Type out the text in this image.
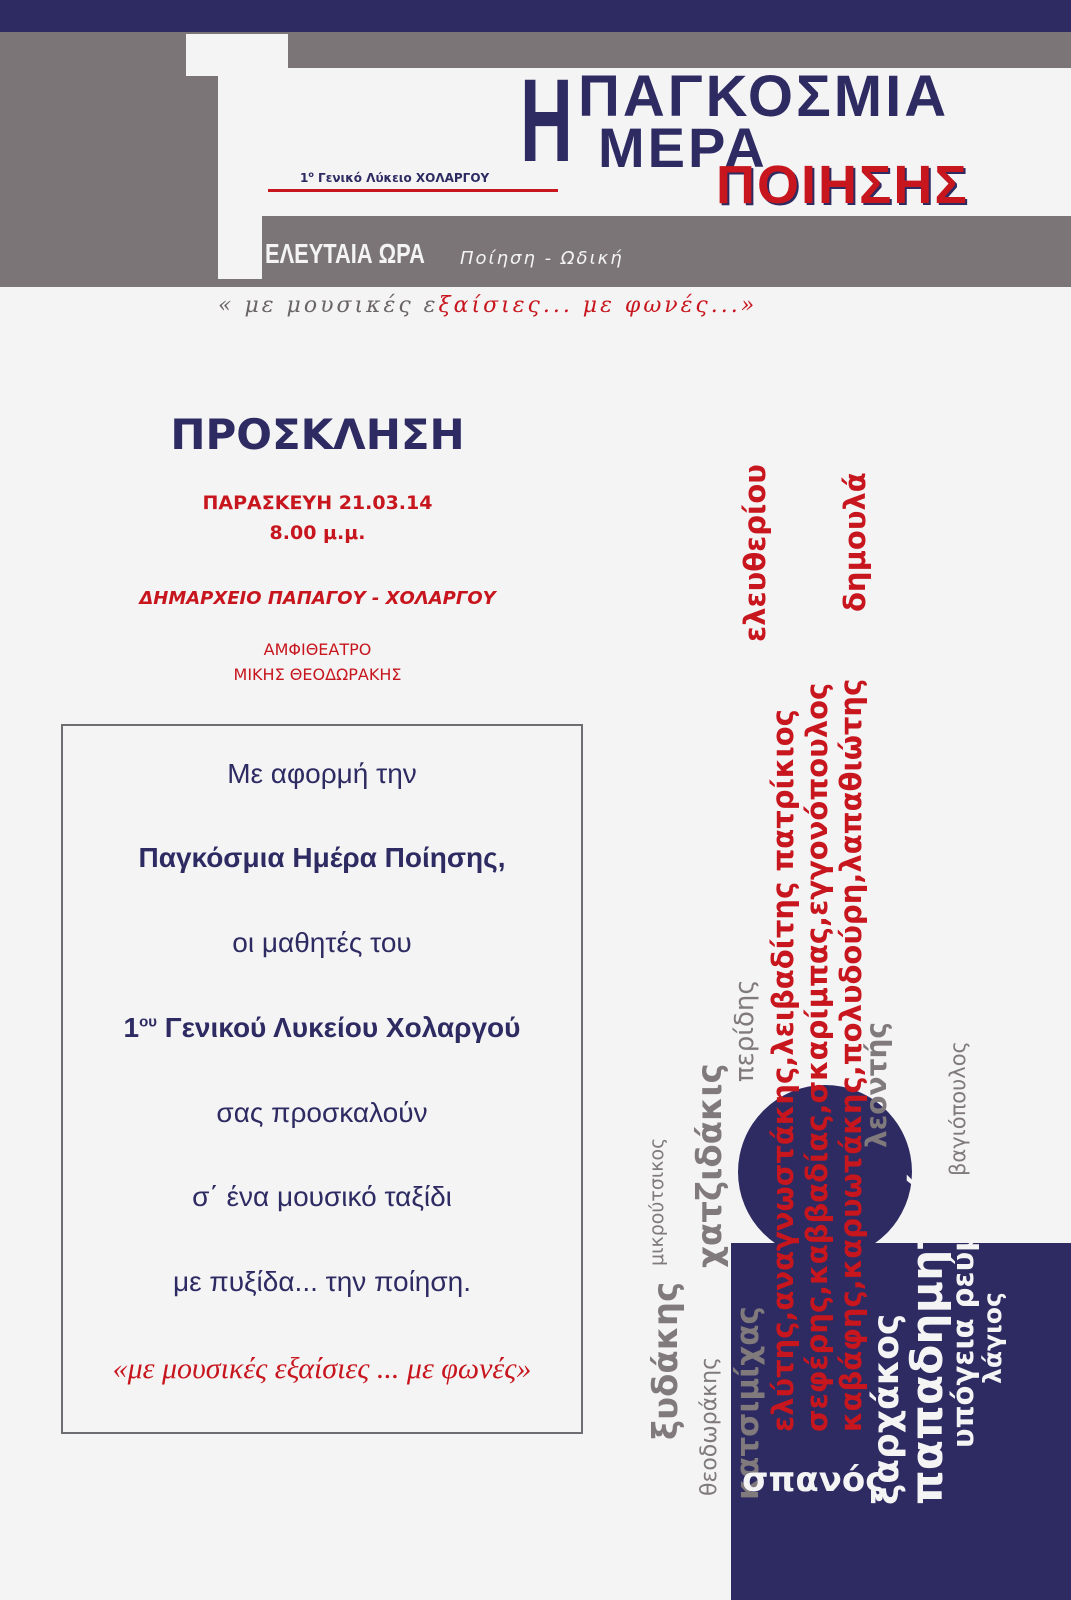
$1^o$ Γενικό Λύκειο ΧΟΛΑΡΓΟΥ Η ΠΑΓΚΟΣΜΙΑ
ΜΕΡΑ
ΠΟΙΗΣΗΣ
ΕΛΕΥΤΑΙΑ ΩΡΑ Ποίηση - Ωδική
« με μουσικές εξαίσιες... με φωνές...»
ΠΡΟΣΚΛΗΣΗ
ΠΑΡΑΣΚΕΥΗ 21.03.14
8.00 μ.μ.
ΔΗΜΑΡΧΕΙΟ ΠΑΠΑΓΟΥ - ΧΟΛΑΡΓΟΥ
ΑΜΦΙΘΕΑΤΡΟ
ΜΙΚΗΣ ΘΕΟΔΩΡΑΚΗΣ
Με αφορμή την
Παγκόσμια Ημέρα Ποίησης,
οι μαθητές του
$1^{o\upsilon}$ Γενικού Λυκείου Χολαργού
σας προσκαλούν
σ΄ ένα μουσικό ταξίδι
με πυξίδα... την ποίηση.
«με μουσικές εξαίσιες ... με φωνές»
ελευθερίου
ελύτης,αναγνωστάκης,λειβαδίτης πατρίκιος σεφέρης,καββαδίας,σκαρίμπας,εγγονόπουλος καβάφης,καρυωτάκης,πολυδούρη,λαπαθιώτης
δημουλά
ξυδάκης
μικρούτσικος
θεοδωράκης κατσιμίχας
χατζιδάκις
περίδης
σπανός
ξαρχάκος
παπαδημητρίου
λεοντής
υπόγεια ρεύματα
βαγιόπουλος
λάγιος
